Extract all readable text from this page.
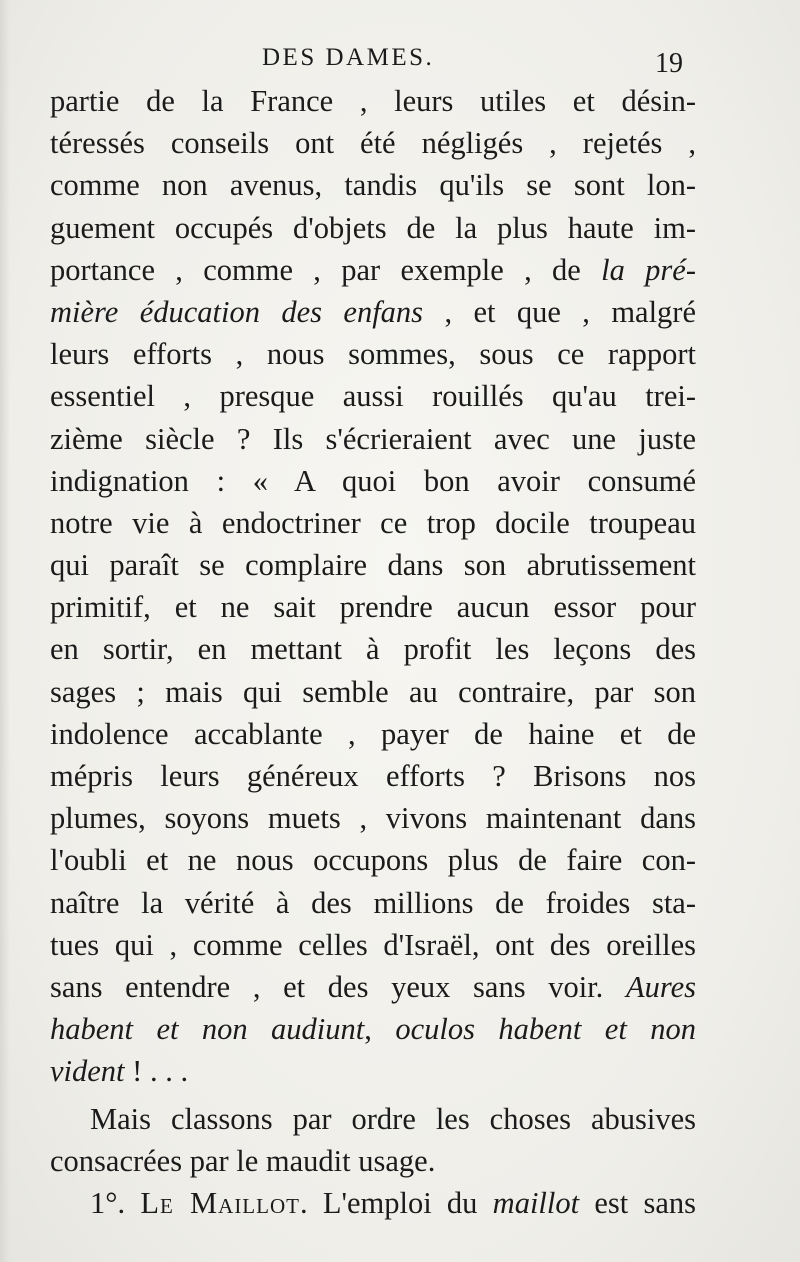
DES DAMES.	19
partie de la France , leurs utiles et désin-
téressés conseils ont été négligés , rejetés ,
comme non avenus, tandis qu'ils se sont lon-
guement occupés d'objets de la plus haute im-
portance , comme , par exemple , de la pré-
mière éducation des enfans , et que , malgré
leurs efforts , nous sommes, sous ce rapport
essentiel , presque aussi rouillés qu'au trei-
zième siècle ? Ils s'écrieraient avec une juste
indignation : « A quoi bon avoir consumé
notre vie à endoctriner ce trop docile troupeau
qui paraît se complaire dans son abrutissement
primitif, et ne sait prendre aucun essor pour
en sortir, en mettant à profit les leçons des
sages ; mais qui semble au contraire, par son
indolence accablante , payer de haine et de
mépris leurs généreux efforts ? Brisons nos
plumes, soyons muets , vivons maintenant dans
l'oubli et ne nous occupons plus de faire con-
naître la vérité à des millions de froides sta-
tues qui , comme celles d'Israël, ont des oreilles
sans entendre , et des yeux sans voir. Aures
habent et non audiunt, oculos habent et non
vident ! . . .
Mais classons par ordre les choses abusives
consacrées par le maudit usage.
1°. Le Maillot. L'emploi du maillot est sans
